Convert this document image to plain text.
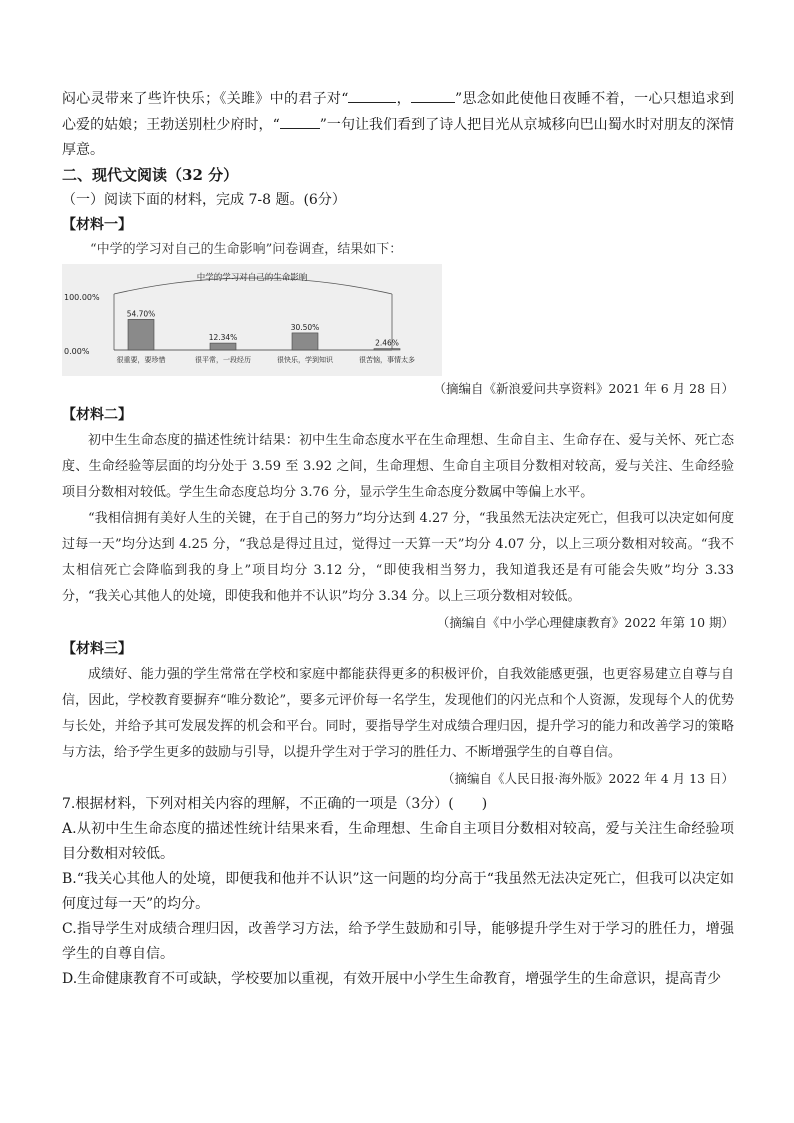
闷心灵带来了些许快乐；《关雎》中的君子对“	，	”思念如此使他日夜睡不着，一心只想追求到心爱的姑娘；王勃送别杜少府时，“	”一句让我们看到了诗人把目光从京城移向巴山蜀水时对朋友的深情厚意。

二、现代文阅读（32 分）

（一）阅读下面的材料，完成 7-8 题。(6分）

【材料一】

“中学的学习对自己的生命影响”问卷调查，结果如下：

中学的学习对自己的生命影响
100.00%
0.00%
54.70%
很重要，要珍惜
12.34%
很平常，一段经历
30.50%
很快乐，学到知识
2.46%
很苦恼，事情太多

（摘编自《新浪爱问共享资料》2021 年 6 月 28 日）

【材料二】

初中生生命态度的描述性统计结果：初中生生命态度水平在生命理想、生命自主、生命存在、爱与关怀、死亡态度、生命经验等层面的均分处于 3.59 至 3.92 之间，生命理想、生命自主项目分数相对较高，爱与关注、生命经验项目分数相对较低。学生生命态度总均分 3.76 分，显示学生生命态度分数属中等偏上水平。

“我相信拥有美好人生的关键，在于自己的努力”均分达到 4.27 分，“我虽然无法决定死亡，但我可以决定如何度过每一天”均分达到 4.25 分，“我总是得过且过，觉得过一天算一天”均分 4.07 分，以上三项分数相对较高。“我不太相信死亡会降临到我的身上”项目均分 3.12 分，“即使我相当努力，我知道我还是有可能会失败”均分 3.33 分，“我关心其他人的处境，即使我和他并不认识”均分 3.34 分。以上三项分数相对较低。

（摘编自《中小学心理健康教育》2022 年第 10 期）

【材料三】

成绩好、能力强的学生常常在学校和家庭中都能获得更多的积极评价，自我效能感更强，也更容易建立自尊与自信，因此，学校教育要摒弃“唯分数论”，要多元评价每一名学生，发现他们的闪光点和个人资源，发现每个人的优势与长处，并给予其可发展发挥的机会和平台。同时，要指导学生对成绩合理归因，提升学习的能力和改善学习的策略与方法，给予学生更多的鼓励与引导，以提升学生对于学习的胜任力、不断增强学生的自尊自信。

（摘编自《人民日报·海外版》2022 年 4 月 13 日）

7.根据材料，下列对相关内容的理解，不正确的一项是（3分）(　　)

A.从初中生生命态度的描述性统计结果来看，生命理想、生命自主项目分数相对较高，爱与关注生命经验项目分数相对较低。

B.“我关心其他人的处境，即便我和他并不认识”这一问题的均分高于“我虽然无法决定死亡，但我可以决定如何度过每一天”的均分。

C.指导学生对成绩合理归因，改善学习方法，给予学生鼓励和引导，能够提升学生对于学习的胜任力，增强学生的自尊自信。

D.生命健康教育不可或缺，学校要加以重视，有效开展中小学生生命教育，增强学生的生命意识，提高青少
